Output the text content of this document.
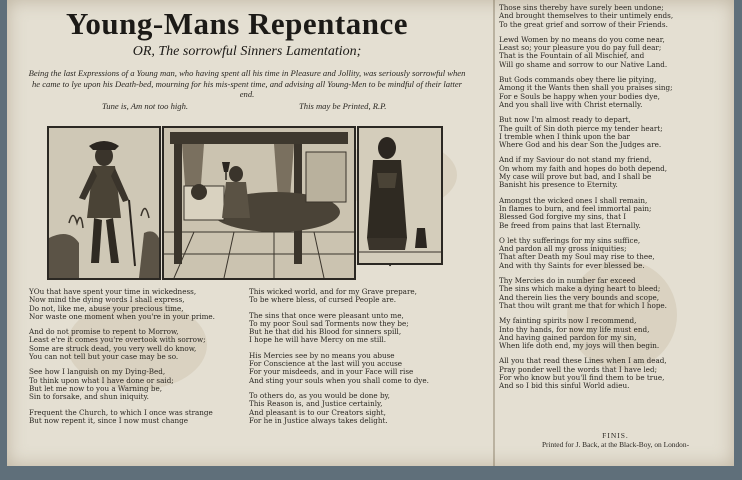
Young-Mans Repentance
OR, The sorrowful Sinners Lamentation;
Being the last Expressions of a Young man, who having spent all his time in Pleasure and Jollity, was seriously sorrowful when he came to lye upon his Death-bed, mourning for his mis-spent time, and advising all Young-Men to be mindful of their latter end.
Tune is, Am not too high.	This may be Printed, R.P.
•
YOu that have spent your time in wickedness,
Now mind the dying words I shall express,
Do not, like me, abuse your precious time,
Nor waste one moment when you're in your prime.
And do not promise to repent to Morrow,
Least e're it comes you're overtook with sorrow;
Some are struck dead, you very well do know,
You can not tell but your case may be so.
See how I languish on my Dying-Bed,
To think upon what I have done or said;
But let me now to you a Warning be,
Sin to forsake, and shun iniquity.
Frequent the Church, to which I once was strange
But now repent it, since I now must change
This wicked world, and for my Grave prepare,
To be where bless, of cursed People are.
The sins that once were pleasant unto me,
To my poor Soul sad Torments now they be;
But he that did his Blood for sinners spill,
I hope he will have Mercy on me still.
His Mercies see by no means you abuse
For Conscience at the last will you accuse
For your misdeeds, and in your Face will rise
And sting your souls when you shall come to dye.
To others do, as you would be done by,
This Reason is, and Justice certainly,
And pleasant is to our Creators sight,
For he in Justice always takes delight.
Those sins thereby have surely been undone;
And brought themselves to their untimely ends,
To the great grief and sorrow of their Friends.
Lewd Women by no means do you come near,
Least so; your pleasure you do pay full dear;
That is the Fountain of all Mischief, and
Will go shame and sorrow to our Native Land.
But Gods commands obey there lie pitying,
Among it the Wants then shall you praises sing;
For e Souls be happy when your bodies dye,
And you shall live with Christ eternally.
But now I'm almost ready to depart,
The guilt of Sin doth pierce my tender heart;
I tremble when I think upon the bar
Where God and his dear Son the Judges are.
And if my Saviour do not stand my friend,
On whom my faith and hopes do both depend,
My case will prove but bad, and I shall be
Banisht his presence to Eternity.
Amongst the wicked ones I shall remain,
In flames to burn, and feel immortal pain;
Blessed God forgive my sins, that I
Be freed from pains that last Eternally.
O let thy sufferings for my sins suffice,
And pardon all my gross iniquities;
That after Death my Soul may rise to thee,
And with thy Saints for ever blessed be.
Thy Mercies do in number far exceed
The sins which make a dying heart to bleed;
And therein lies the very bounds and scope,
That thou wilt grant me that for which I hope.
My fainting spirits now I recommend,
Into thy hands, for now my life must end,
And having gained pardon for my sin,
When life doth end, my joys will then begin.
All you that read these Lines when I am dead,
Pray ponder well the words that I have led;
For who know but you'll find them to be true,
And so I bid this sinful World adieu.
FINIS.
Printed for J. Back, at the Black-Boy, on London-
